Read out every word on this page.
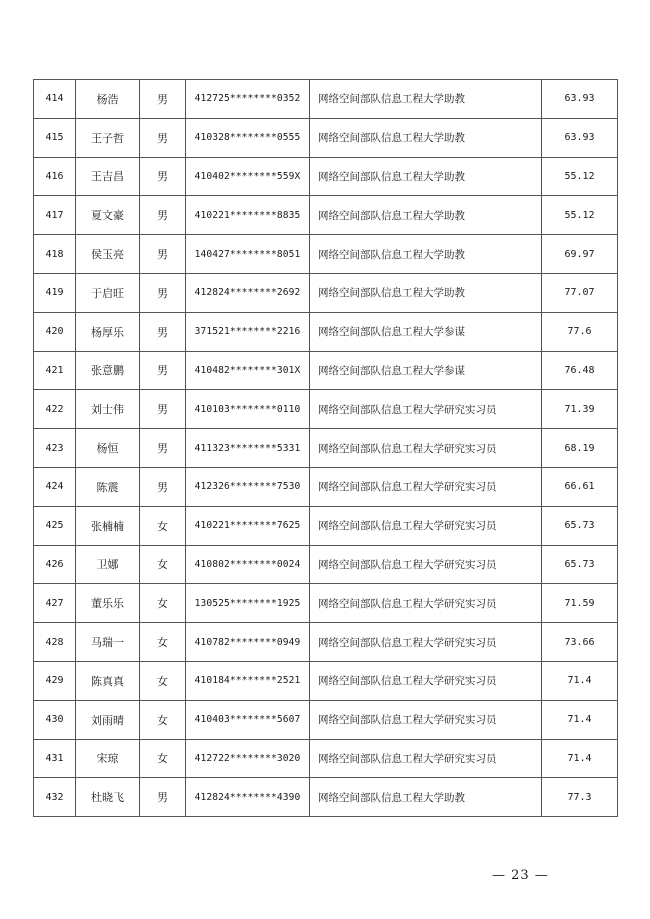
414	杨浩	男	412725********0352	网络空间部队信息工程大学助教	63.93
415	王子哲	男	410328********0555	网络空间部队信息工程大学助教	63.93
416	王吉昌	男	410402********559X	网络空间部队信息工程大学助教	55.12
417	夏文豪	男	410221********8835	网络空间部队信息工程大学助教	55.12
418	侯玉亮	男	140427********8051	网络空间部队信息工程大学助教	69.97
419	于启旺	男	412824********2692	网络空间部队信息工程大学助教	77.07
420	杨厚乐	男	371521********2216	网络空间部队信息工程大学参谋	77.6
421	张意鹏	男	410482********301X	网络空间部队信息工程大学参谋	76.48
422	刘士伟	男	410103********0110	网络空间部队信息工程大学研究实习员	71.39
423	杨恒	男	411323********5331	网络空间部队信息工程大学研究实习员	68.19
424	陈震	男	412326********7530	网络空间部队信息工程大学研究实习员	66.61
425	张楠楠	女	410221********7625	网络空间部队信息工程大学研究实习员	65.73
426	卫娜	女	410802********0024	网络空间部队信息工程大学研究实习员	65.73
427	董乐乐	女	130525********1925	网络空间部队信息工程大学研究实习员	71.59
428	马瑞一	女	410782********0949	网络空间部队信息工程大学研究实习员	73.66
429	陈真真	女	410184********2521	网络空间部队信息工程大学研究实习员	71.4
430	刘雨晴	女	410403********5607	网络空间部队信息工程大学研究实习员	71.4
431	宋琼	女	412722********3020	网络空间部队信息工程大学研究实习员	71.4
432	杜晓飞	男	412824********4390	网络空间部队信息工程大学助教	77.3
— 23 —
